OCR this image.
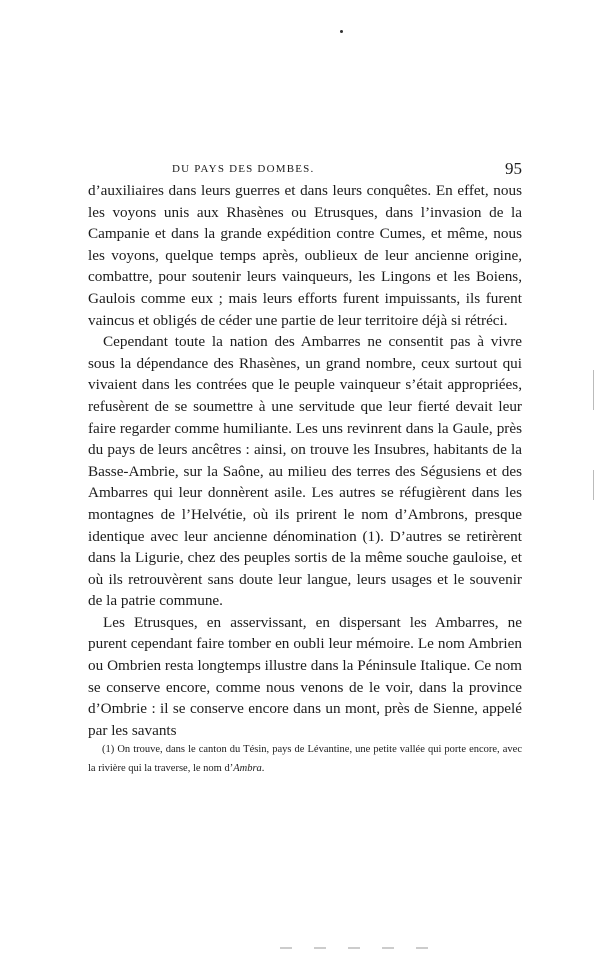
DU PAYS DES DOMBES.	95

d’auxiliaires dans leurs guerres et dans leurs conquêtes. En effet, nous les voyons unis aux Rhasènes ou Etrusques, dans l’invasion de la Campanie et dans la grande expédition contre Cumes, et même, nous les voyons, quelque temps après, oublieux de leur ancienne origine, combattre, pour soutenir leurs vainqueurs, les Lingons et les Boiens, Gaulois comme eux ; mais leurs efforts furent impuissants, ils furent vaincus et obligés de céder une partie de leur territoire déjà si rétréci.

Cependant toute la nation des Ambarres ne consentit pas à vivre sous la dépendance des Rhasènes, un grand nombre, ceux surtout qui vivaient dans les contrées que le peuple vainqueur s’était appropriées, refusèrent de se soumettre à une servitude que leur fierté devait leur faire regarder comme humiliante. Les uns revinrent dans la Gaule, près du pays de leurs ancêtres : ainsi, on trouve les Insubres, habitants de la Basse-Ambrie, sur la Saône, au milieu des terres des Ségusiens et des Ambarres qui leur donnèrent asile. Les autres se réfugièrent dans les montagnes de l’Helvétie, où ils prirent le nom d’Ambrons, presque identique avec leur ancienne dénomination (1). D’autres se retirèrent dans la Ligurie, chez des peuples sortis de la même souche gauloise, et où ils retrouvèrent sans doute leur langue, leurs usages et le souvenir de la patrie commune.

Les Etrusques, en asservissant, en dispersant les Ambarres, ne purent cependant faire tomber en oubli leur mémoire. Le nom Ambrien ou Ombrien resta longtemps illustre dans la Péninsule Italique. Ce nom se conserve encore, comme nous venons de le voir, dans la province d’Ombrie : il se conserve encore dans un mont, près de Sienne, appelé par les savants

(1) On trouve, dans le canton du Tésin, pays de Lévantine, une petite vallée qui porte encore, avec la rivière qui la traverse, le nom d’Ambra.
